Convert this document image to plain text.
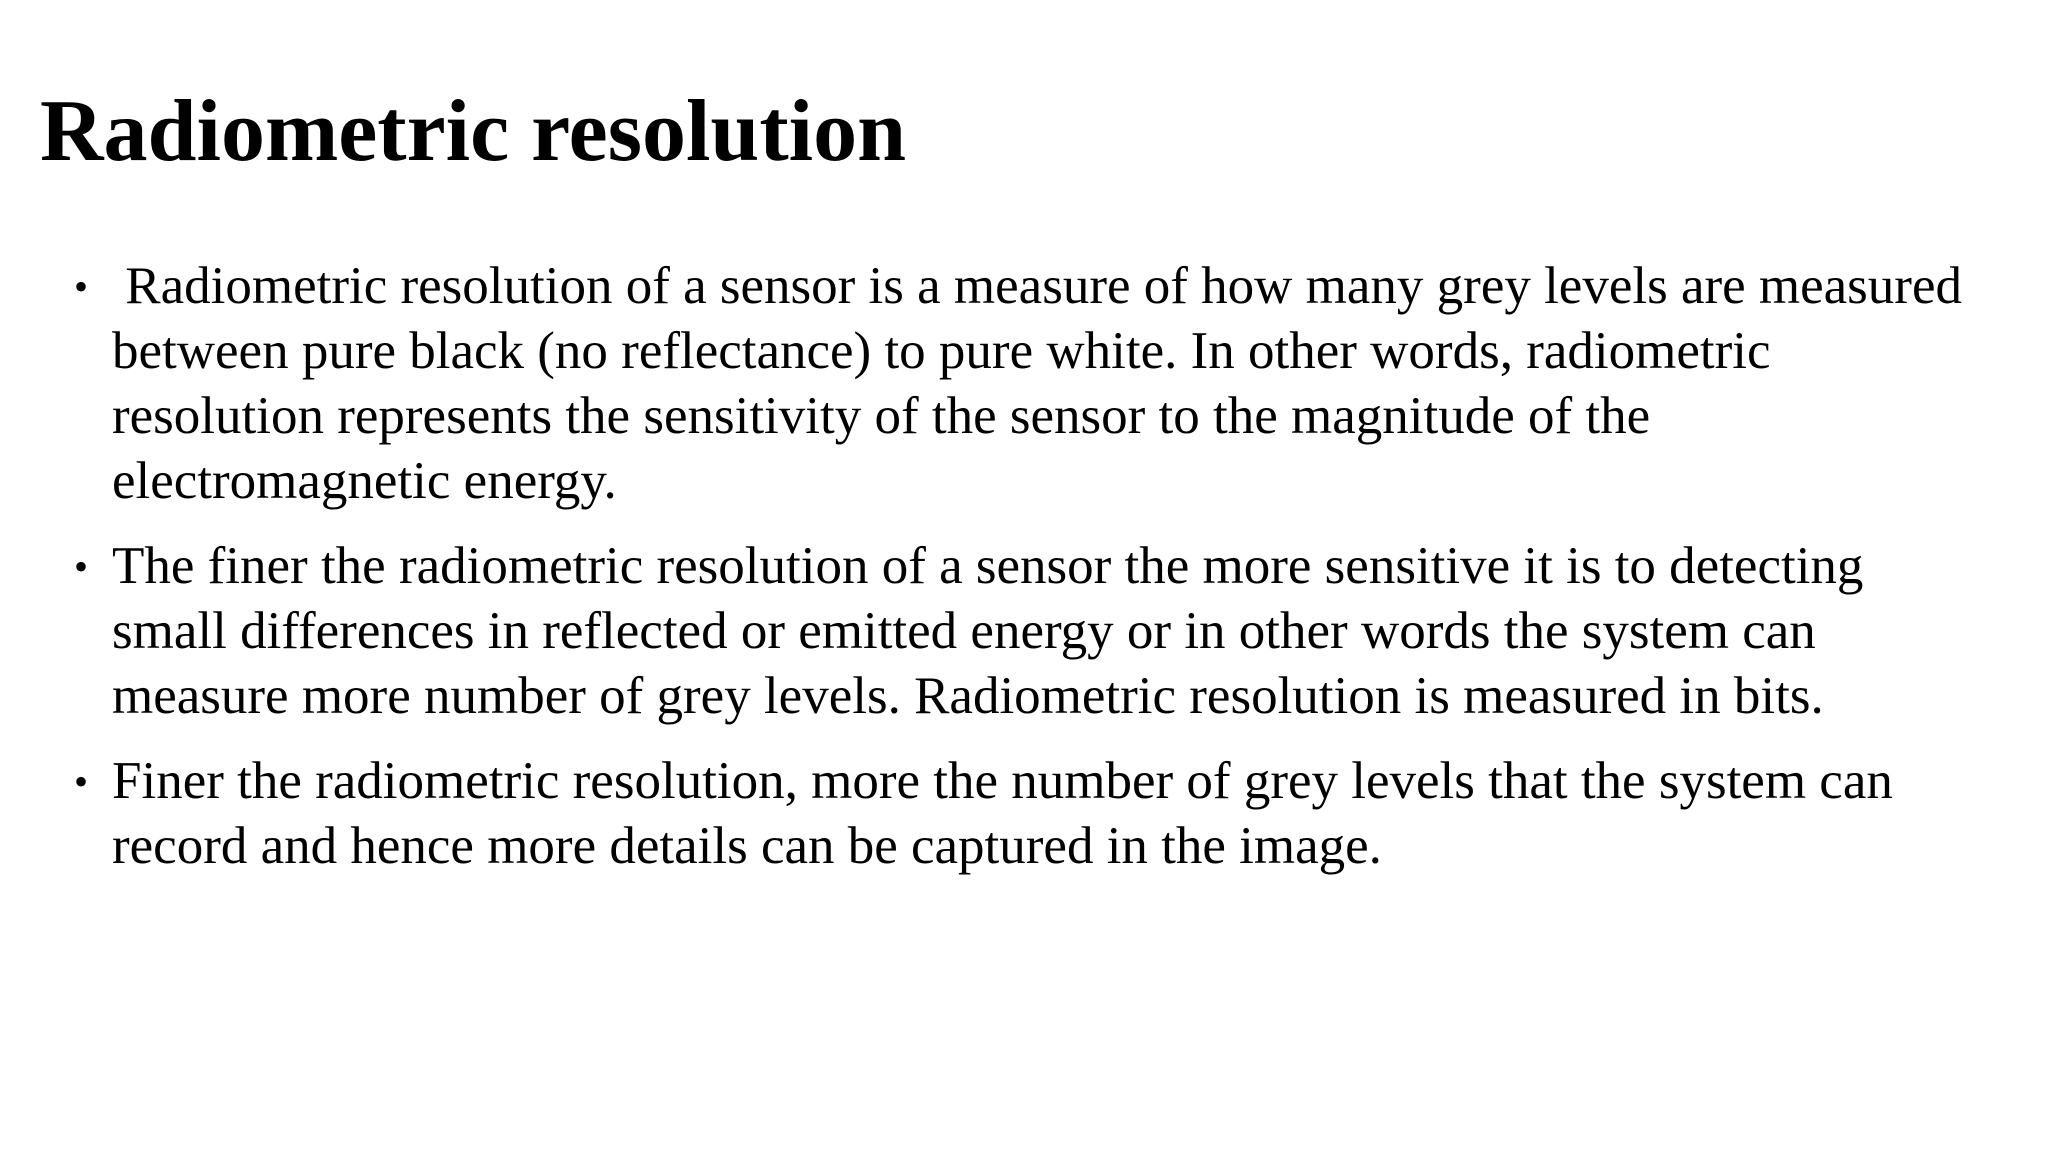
Radiometric resolution
• Radiometric resolution of a sensor is a measure of how many grey levels are measured between pure black (no reflectance) to pure white. In other words, radiometric resolution represents the sensitivity of the sensor to the magnitude of the electromagnetic energy.
• The finer the radiometric resolution of a sensor the more sensitive it is to detecting small differences in reflected or emitted energy or in other words the system can measure more number of grey levels. Radiometric resolution is measured in bits.
• Finer the radiometric resolution, more the number of grey levels that the system can record and hence more details can be captured in the image.
